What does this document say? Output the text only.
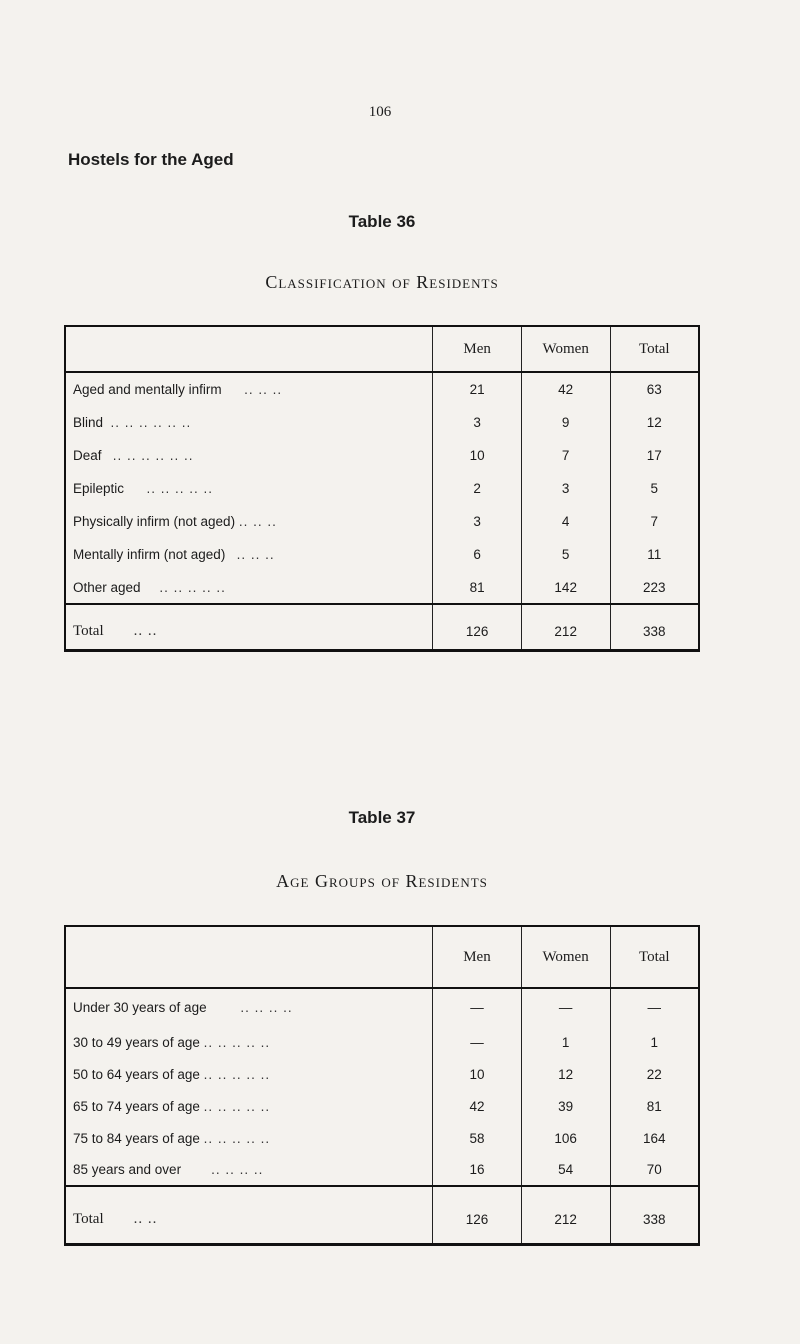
106
Hostels for the Aged
Table 36
Classification of Residents
	Men	Women	Total
Aged and mentally infirm .. .. ..	21	42	63
Blind .. .. .. .. .. ..	3	9	12
Deaf .. .. .. .. .. ..	10	7	17
Epileptic .. .. .. .. ..	2	3	5
Physically infirm (not aged) .. .. ..	3	4	7
Mentally infirm (not aged) .. .. ..	6	5	11
Other aged .. .. .. .. ..	81	142	223
Total .. ..	126	212	338
Table 37
Age Groups of Residents
	Men	Women	Total
Under 30 years of age .. .. .. ..	—	—	—
30 to 49 years of age .. .. .. .. ..	—	1	1
50 to 64 years of age .. .. .. .. ..	10	12	22
65 to 74 years of age .. .. .. .. ..	42	39	81
75 to 84 years of age .. .. .. .. ..	58	106	164
85 years and over .. .. .. ..	16	54	70
Total .. ..	126	212	338
